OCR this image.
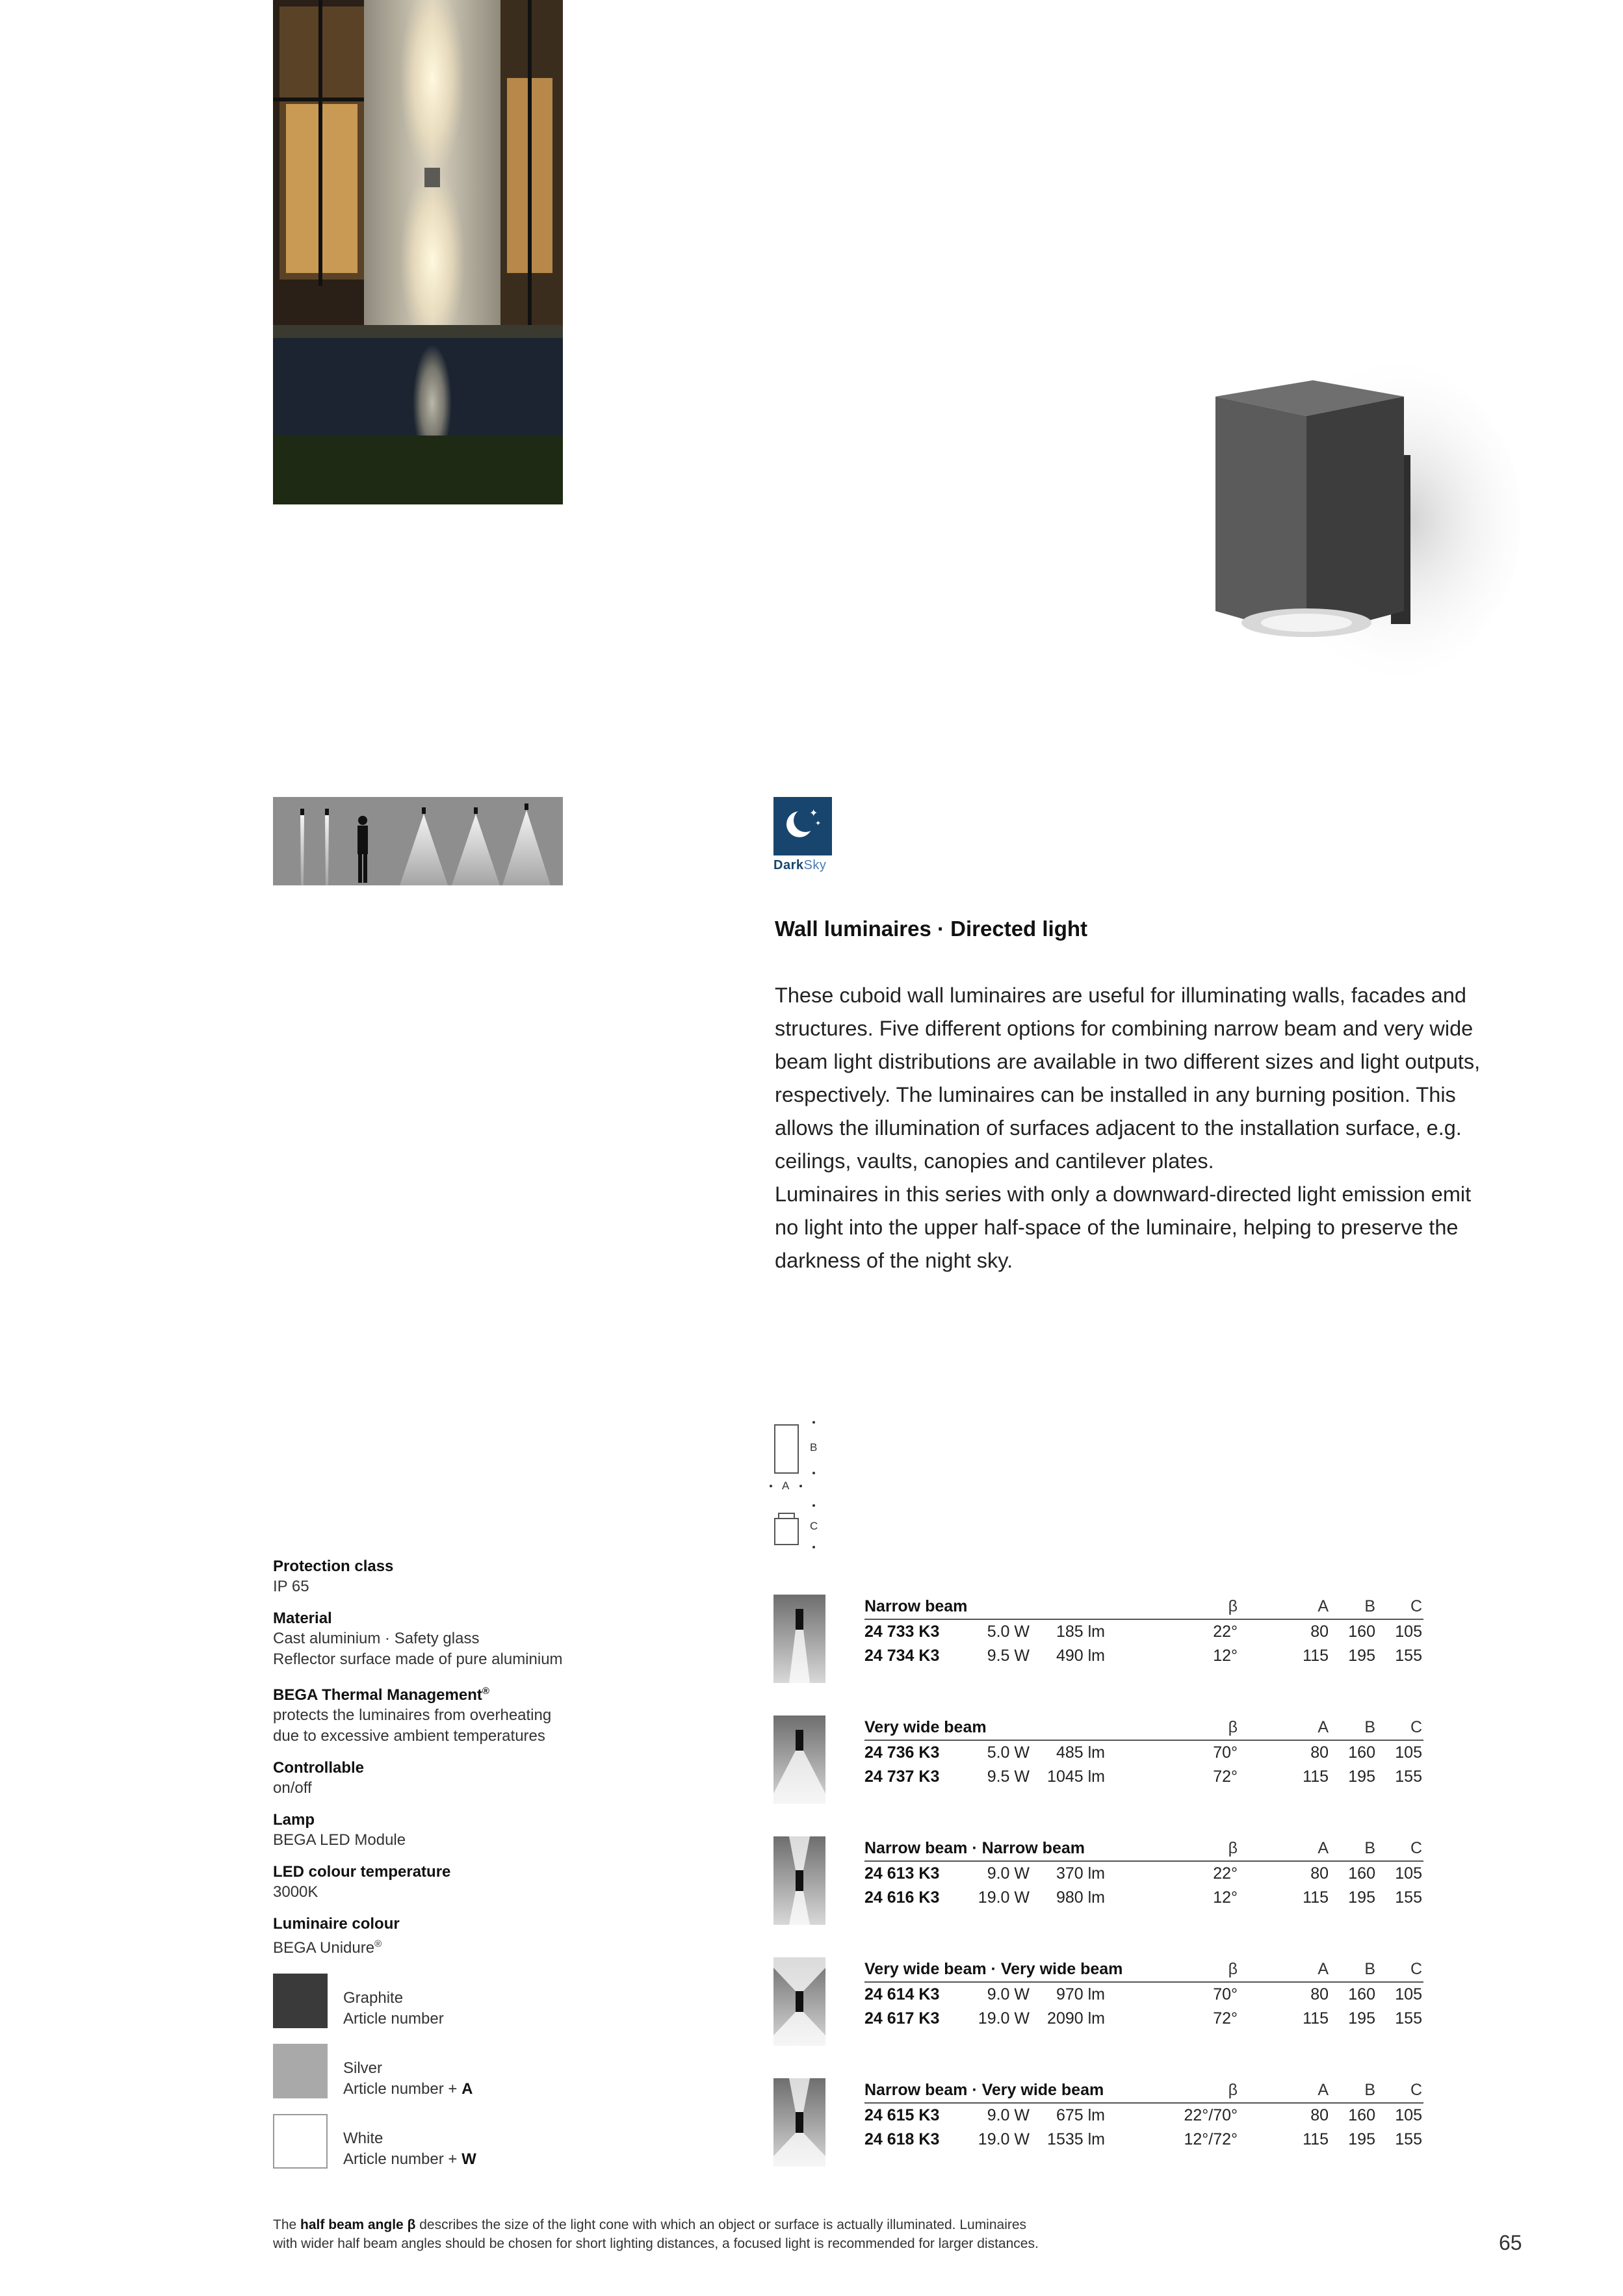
✦
✦
DarkSky
Wall luminaires · Directed light

These cuboid wall luminaires are useful for illuminating walls, facades and structures. Five different options for combining narrow beam and very wide beam light distributions are available in two different sizes and light outputs, respectively. The luminaires can be installed in any burning position. This allows the illumination of surfaces adjacent to the installation surface, e.g. ceilings, vaults, canopies and cantilever plates.

Luminaires in this series with only a downward-directed light emission emit no light into the upper half-space of the luminaire, helping to preserve the darkness of the night sky.

B
A
C
Protection class
IP 65
Material
Cast aluminium · Safety glass
Reflector surface made of pure aluminium
BEGA Thermal Management®
protects the luminaires from overheating
due to excessive ambient temperatures
Controllable
on/off
Lamp
BEGA LED Module
LED colour temperature
3000K
Luminaire colour
BEGA Unidure®
Graphite
Article number
Silver
Article number + A
White
Article number + W
Narrow beam	β	A B C
24 733 K3	5.0 W 185 lm	22°	80 160 105
24 734 K3	9.5 W 490 lm	12°	115 195 155
Very wide beam	β	A B C
24 736 K3	5.0 W 485 lm	70°	80 160 105
24 737 K3	9.5 W 1045 lm	72°	115 195 155
Narrow beam · Narrow beam	β	A B C
24 613 K3	9.0 W 370 lm	22°	80 160 105
24 616 K3 19.0 W 980 lm	12°	115 195 155
Very wide beam · Very wide beam	β	A B C
24 614 K3	9.0 W 970 lm	70°	80 160 105
24 617 K3 19.0 W 2090 lm	72°	115 195 155
Narrow beam · Very wide beam	β	A B C
24 615 K3	9.0 W 675 lm	22°/70°	80 160 105
24 618 K3 19.0 W 1535 lm	12°/72°	115 195 155
The half beam angle β describes the size of the light cone with which an object or surface is actually illuminated. Luminaires
with wider half beam angles should be chosen for short lighting distances, a focused light is recommended for larger distances.	65
